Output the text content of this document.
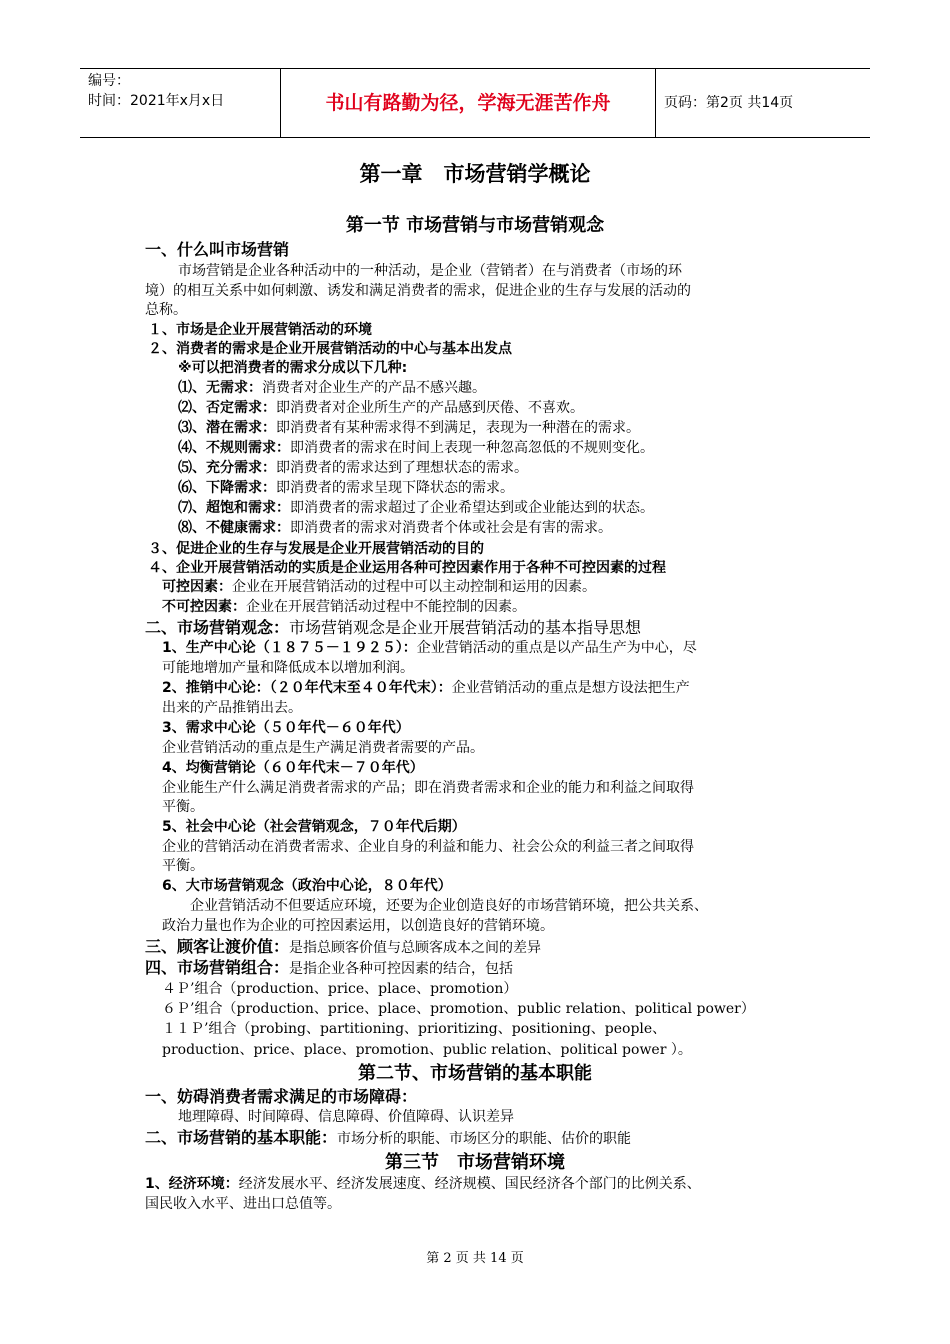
编号：
时间：2021年x月x日	书山有路勤为径，学海无涯苦作舟	页码：第2页 共14页
第一章　市场营销学概论
第一节 市场营销与市场营销观念
一、什么叫市场营销
市场营销是企业各种活动中的一种活动，是企业（营销者）在与消费者（市场的环
境）的相互关系中如何刺激、诱发和满足消费者的需求，促进企业的生存与发展的活动的
总称。
１、市场是企业开展营销活动的环境
２、消费者的需求是企业开展营销活动的中心与基本出发点
※可以把消费者的需求分成以下几种:
⑴、无需求：消费者对企业生产的产品不感兴趣。
⑵、否定需求：即消费者对企业所生产的产品感到厌倦、不喜欢。
⑶、潜在需求：即消费者有某种需求得不到满足，表现为一种潜在的需求。
⑷、不规则需求：即消费者的需求在时间上表现一种忽高忽低的不规则变化。
⑸、充分需求：即消费者的需求达到了理想状态的需求。
⑹、下降需求：即消费者的需求呈现下降状态的需求。
⑺、超饱和需求：即消费者的需求超过了企业希望达到或企业能达到的状态。
⑻、不健康需求：即消费者的需求对消费者个体或社会是有害的需求。
３、促进企业的生存与发展是企业开展营销活动的目的
４、企业开展营销活动的实质是企业运用各种可控因素作用于各种不可控因素的过程
可控因素：企业在开展营销活动的过程中可以主动控制和运用的因素。
不可控因素：企业在开展营销活动过程中不能控制的因素。
二、市场营销观念：市场营销观念是企业开展营销活动的基本指导思想
1、生产中心论（１８７５－１９２５）：企业营销活动的重点是以产品生产为中心，尽
可能地增加产量和降低成本以增加利润。
2、推销中心论：（２０年代末至４０年代末）：企业营销活动的重点是想方设法把生产
出来的产品推销出去。
3、需求中心论（５０年代－６０年代）
企业营销活动的重点是生产满足消费者需要的产品。
4、均衡营销论（６０年代末－７０年代）
企业能生产什么满足消费者需求的产品；即在消费者需求和企业的能力和利益之间取得
平衡。
5、社会中心论（社会营销观念，７０年代后期）
企业的营销活动在消费者需求、企业自身的利益和能力、社会公众的利益三者之间取得
平衡。
6、大市场营销观念（政治中心论，８０年代）
企业营销活动不但要适应环境，还要为企业创造良好的市场营销环境，把公共关系、
政治力量也作为企业的可控因素运用，以创造良好的营销环境。
三、顾客让渡价值：是指总顾客价值与总顾客成本之间的差异
四、市场营销组合：是指企业各种可控因素的结合，包括
４Ｐ’组合（production、price、place、promotion）
６Ｐ’组合（production、price、place、promotion、public relation、political power）
１１Ｐ’组合（probing、partitioning、prioritizing、positioning、people、
production、price、place、promotion、public relation、political power ）。
第二节、市场营销的基本职能
一、妨碍消费者需求满足的市场障碍：
地理障碍、时间障碍、信息障碍、价值障碍、认识差异
二、市场营销的基本职能：市场分析的职能、市场区分的职能、估价的职能
第三节　市场营销环境
1、经济环境：经济发展水平、经济发展速度、经济规模、国民经济各个部门的比例关系、
国民收入水平、进出口总值等。
第 2 页 共 14 页
